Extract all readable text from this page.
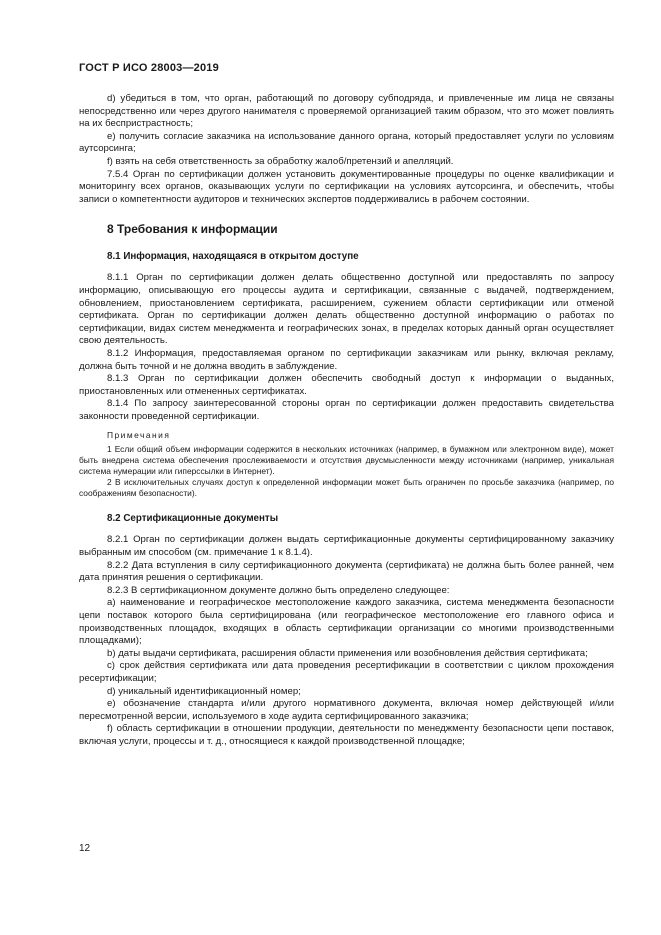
ГОСТ Р ИСО 28003—2019

d) убедиться в том, что орган, работающий по договору субподряда, и привлеченные им лица не связаны непосредственно или через другого нанимателя с проверяемой организацией таким образом, что это может повлиять на их беспристрастность;

e) получить согласие заказчика на использование данного органа, который предоставляет услуги по условиям аутсорсинга;

f) взять на себя ответственность за обработку жалоб/претензий и апелляций.

7.5.4 Орган по сертификации должен установить документированные процедуры по оценке квалификации и мониторингу всех органов, оказывающих услуги по сертификации на условиях аутсорсинга, и обеспечить, чтобы записи о компетентности аудиторов и технических экспертов поддерживались в рабочем состоянии.

8 Требования к информации
8.1 Информация, находящаяся в открытом доступе

8.1.1 Орган по сертификации должен делать общественно доступной или предоставлять по запросу информацию, описывающую его процессы аудита и сертификации, связанные с выдачей, подтверждением, обновлением, приостановлением сертификата, расширением, сужением области сертификации или отменой сертификата. Орган по сертификации должен делать общественно доступной информацию о работах по сертификации, видах систем менеджмента и географических зонах, в пределах которых данный орган осуществляет свою деятельность.

8.1.2 Информация, предоставляемая органом по сертификации заказчикам или рынку, включая рекламу, должна быть точной и не должна вводить в заблуждение.

8.1.3 Орган по сертификации должен обеспечить свободный доступ к информации о выданных, приостановленных или отмененных сертификатах.

8.1.4 По запросу заинтересованной стороны орган по сертификации должен предоставить свидетельства законности проведенной сертификации.

Примечания

1 Если общий объем информации содержится в нескольких источниках (например, в бумажном или электронном виде), может быть внедрена система обеспечения прослеживаемости и отсутствия двусмысленности между источниками (например, уникальная система нумерации или гиперссылки в Интернет).

2 В исключительных случаях доступ к определенной информации может быть ограничен по просьбе заказчика (например, по соображениям безопасности).

8.2 Сертификационные документы

8.2.1 Орган по сертификации должен выдать сертификационные документы сертифицированному заказчику выбранным им способом (см. примечание 1 к 8.1.4).

8.2.2 Дата вступления в силу сертификационного документа (сертификата) не должна быть более ранней, чем дата принятия решения о сертификации.

8.2.3 В сертификационном документе должно быть определено следующее:

a) наименование и географическое местоположение каждого заказчика, система менеджмента безопасности цепи поставок которого была сертифицирована (или географическое местоположение его главного офиса и производственных площадок, входящих в область сертификации организации со многими производственными площадками);

b) даты выдачи сертификата, расширения области применения или возобновления действия сертификата;

c) срок действия сертификата или дата проведения ресертификации в соответствии с циклом прохождения ресертификации;

d) уникальный идентификационный номер;

e) обозначение стандарта и/или другого нормативного документа, включая номер действующей и/или пересмотренной версии, используемого в ходе аудита сертифицированного заказчика;

f) область сертификации в отношении продукции, деятельности по менеджменту безопасности цепи поставок, включая услуги, процессы и т. д., относящиеся к каждой производственной площадке;

12
